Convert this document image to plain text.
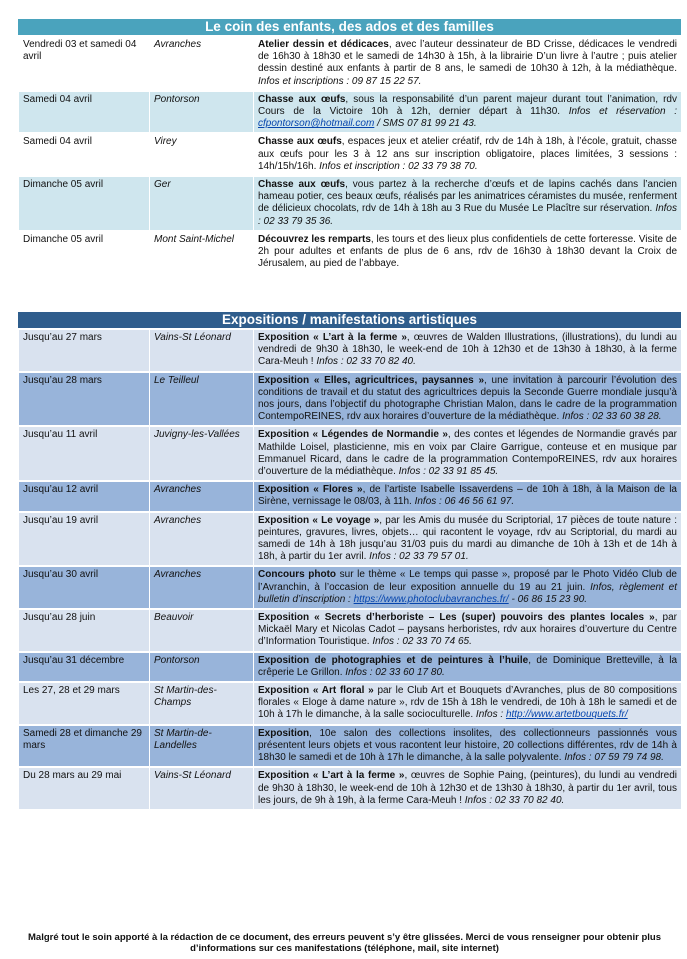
Le coin des enfants, des ados et des familles
Vendredi 03 et samedi 04 avril	Avranches	Atelier dessin et dédicaces, avec l’auteur dessinateur de BD Crisse, dédicaces le vendredi de 16h30 à 18h30 et le samedi de 14h30 à 15h, à la librairie D’un livre à l’autre ; puis atelier dessin destiné aux enfants à partir de 8 ans, le samedi de 10h30 à 12h, à la médiathèque. Infos et inscriptions : 09 87 15 22 57.
Samedi 04 avril	Pontorson	Chasse aux œufs, sous la responsabilité d’un parent majeur durant tout l’animation, rdv Cours de la Victoire 10h à 12h, dernier départ à 11h30. Infos et réservation : cfpontorson@hotmail.com / SMS 07 81 99 21 43.
Samedi 04 avril	Virey	Chasse aux œufs, espaces jeux et atelier créatif, rdv de 14h à 18h, à l’école, gratuit, chasse aux œufs pour les 3 à 12 ans sur inscription obligatoire, places limitées, 3 sessions : 14h/15h/16h. Infos et inscription : 02 33 79 38 70.
Dimanche 05 avril	Ger	Chasse aux œufs, vous partez à la recherche d’œufs et de lapins cachés dans l’ancien hameau potier, ces beaux œufs, réalisés par les animatrices céramistes du musée, renferment de délicieux chocolats, rdv de 14h à 18h au 3 Rue du Musée Le Placître sur réservation. Infos : 02 33 79 35 36.
Dimanche 05 avril	Mont Saint-Michel	Découvrez les remparts, les tours et des lieux plus confidentiels de cette forteresse. Visite de 2h pour adultes et enfants de plus de 6 ans, rdv de 16h30 à 18h30 devant la Croix de Jérusalem, au pied de l’abbaye.
Expositions / manifestations artistiques
Jusqu’au 27 mars	Vains-St Léonard	Exposition « L’art à la ferme », œuvres de Walden Illustrations, (illustrations), du lundi au vendredi de 9h30 à 18h30, le week-end de 10h à 12h30 et de 13h30 à 18h30, à la ferme Cara-Meuh ! Infos : 02 33 70 82 40.
Jusqu’au 28 mars	Le Teilleul	Exposition « Elles, agricultrices, paysannes », une invitation à parcourir l’évolution des conditions de travail et du statut des agricultrices depuis la Seconde Guerre mondiale jusqu’à nos jours, dans l’objectif du photographe Christian Malon, dans le cadre de la programmation ContempoREINES, rdv aux horaires d’ouverture de la médiathèque. Infos : 02 33 60 38 28.
Jusqu’au 11 avril	Juvigny-les-Vallées	Exposition « Légendes de Normandie », des contes et légendes de Normandie gravés par Mathilde Loisel, plasticienne, mis en voix par Claire Garrigue, conteuse et en musique par Emmanuel Ricard, dans le cadre de la programmation ContempoREINES, rdv aux horaires d’ouverture de la médiathèque. Infos : 02 33 91 85 45.
Jusqu’au 12 avril	Avranches	Exposition « Flores », de l’artiste Isabelle Issaverdens – de 10h à 18h, à la Maison de la Sirène, vernissage le 08/03, à 11h. Infos : 06 46 56 61 97.
Jusqu’au 19 avril	Avranches	Exposition « Le voyage », par les Amis du musée du Scriptorial, 17 pièces de toute nature : peintures, gravures, livres, objets… qui racontent le voyage, rdv au Scriptorial, du mardi au samedi de 14h à 18h jusqu’au 31/03 puis du mardi au dimanche de 10h à 13h et de 14h à 18h, à partir du 1er avril. Infos : 02 33 79 57 01.
Jusqu’au 30 avril	Avranches	Concours photo sur le thème « Le temps qui passe », proposé par le Photo Vidéo Club de l’Avranchin, à l’occasion de leur exposition annuelle du 19 au 21 juin. Infos, règlement et bulletin d’inscription : https://www.photoclubavranches.fr/ - 06 86 15 23 90.
Jusqu’au 28 juin	Beauvoir	Exposition « Secrets d’herboriste – Les (super) pouvoirs des plantes locales », par Mickaël Mary et Nicolas Cadot – paysans herboristes, rdv aux horaires d’ouverture du Centre d’Information Touristique. Infos : 02 33 70 74 65.
Jusqu’au 31 décembre	Pontorson	Exposition de photographies et de peintures à l’huile, de Dominique Bretteville, à la crêperie Le Grillon. Infos : 02 33 60 17 80.
Les 27, 28 et 29 mars	St Martin-des-Champs	Exposition « Art floral » par le Club Art et Bouquets d’Avranches, plus de 80 compositions florales « Eloge à dame nature », rdv de 15h à 18h le vendredi, de 10h à 18h le samedi et de 10h à 17h le dimanche, à la salle socioculturelle. Infos : http://www.artetbouquets.fr/
Samedi 28 et dimanche 29 mars	St Martin-de-Landelles	Exposition, 10e salon des collections insolites, des collectionneurs passionnés vous présentent leurs objets et vous racontent leur histoire, 20 collections différentes, rdv de 14h à 18h30 le samedi et de 10h à 17h le dimanche, à la salle polyvalente. Infos : 07 59 79 74 98.
Du 28 mars au 29 mai	Vains-St Léonard	Exposition « L’art à la ferme », œuvres de Sophie Paing, (peintures), du lundi au vendredi de 9h30 à 18h30, le week-end de 10h à 12h30 et de 13h30 à 18h30, à partir du 1er avril, tous les jours, de 9h à 19h, à la ferme Cara-Meuh ! Infos : 02 33 70 82 40.
Malgré tout le soin apporté à la rédaction de ce document, des erreurs peuvent s’y être glissées. Merci de vous renseigner pour obtenir plus d’informations sur ces manifestations (téléphone, mail, site internet)
